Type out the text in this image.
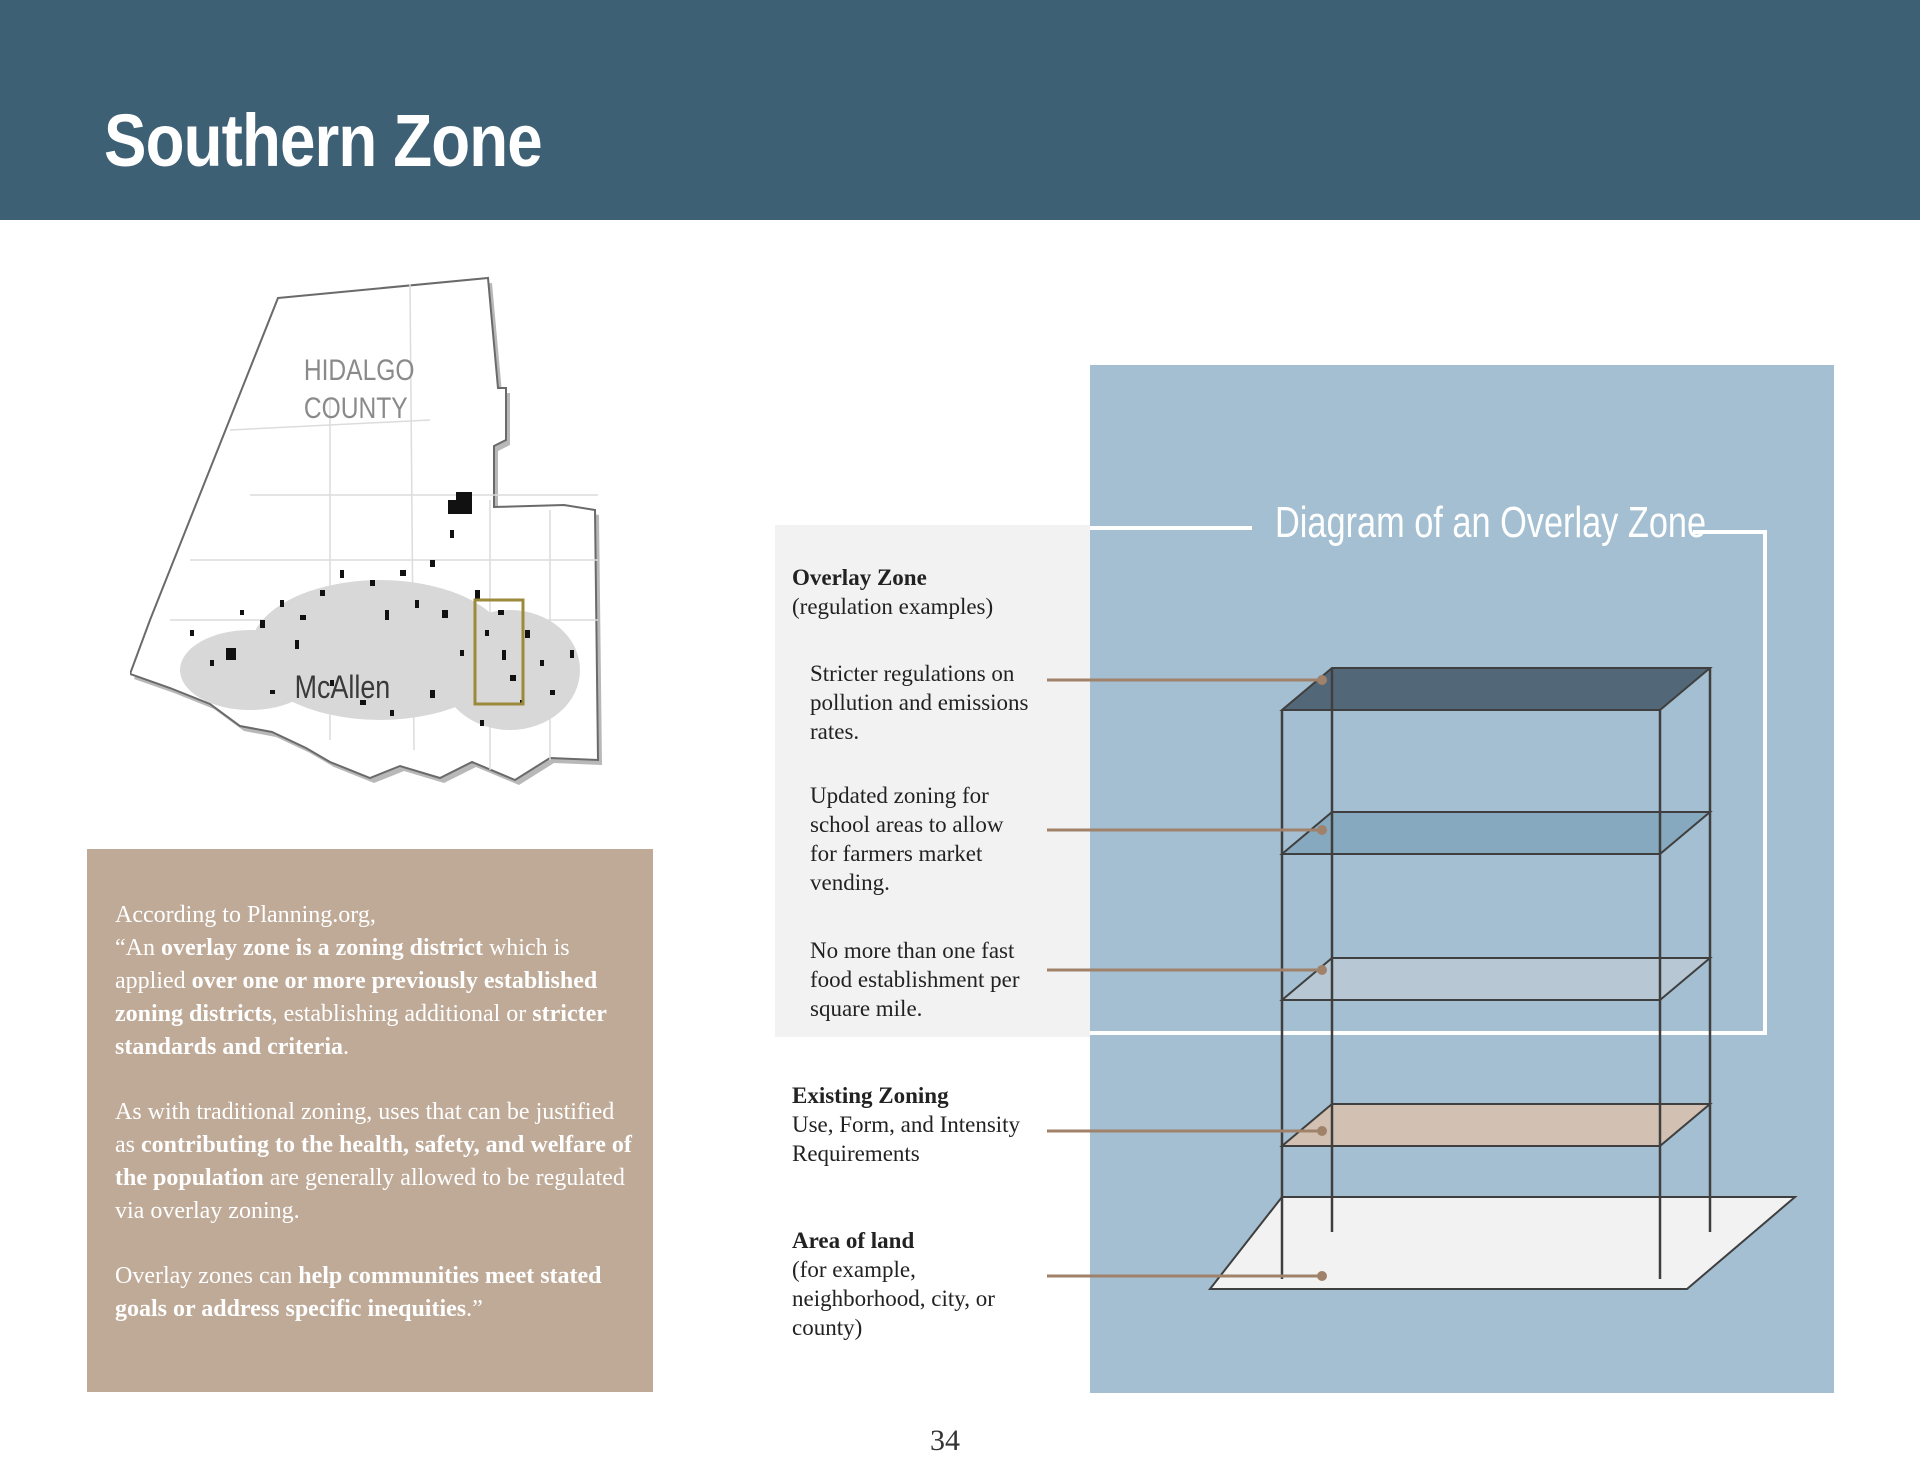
Southern Zone
HIDALGO
COUNTY
McAllen

According to Planning.org,
“An overlay zone is a zoning district which is applied over one or more previously established zoning districts, establishing additional or stricter standards and criteria.

As with traditional zoning, uses that can be justified as contributing to the health, safety, and welfare of the population are generally allowed to be regulated via overlay zoning.

Overlay zones can help communities meet stated goals or address specific inequities.”

Diagram of an Overlay Zone
Overlay Zone
(regulation examples)
Stricter regulations on
pollution and emissions
rates.
Updated zoning for
school areas to allow
for farmers market
vending.
No more than one fast
food establishment per
square mile.
Existing Zoning
Use, Form, and Intensity
Requirements
Area of land
(for example,
neighborhood, city, or
county)
34
